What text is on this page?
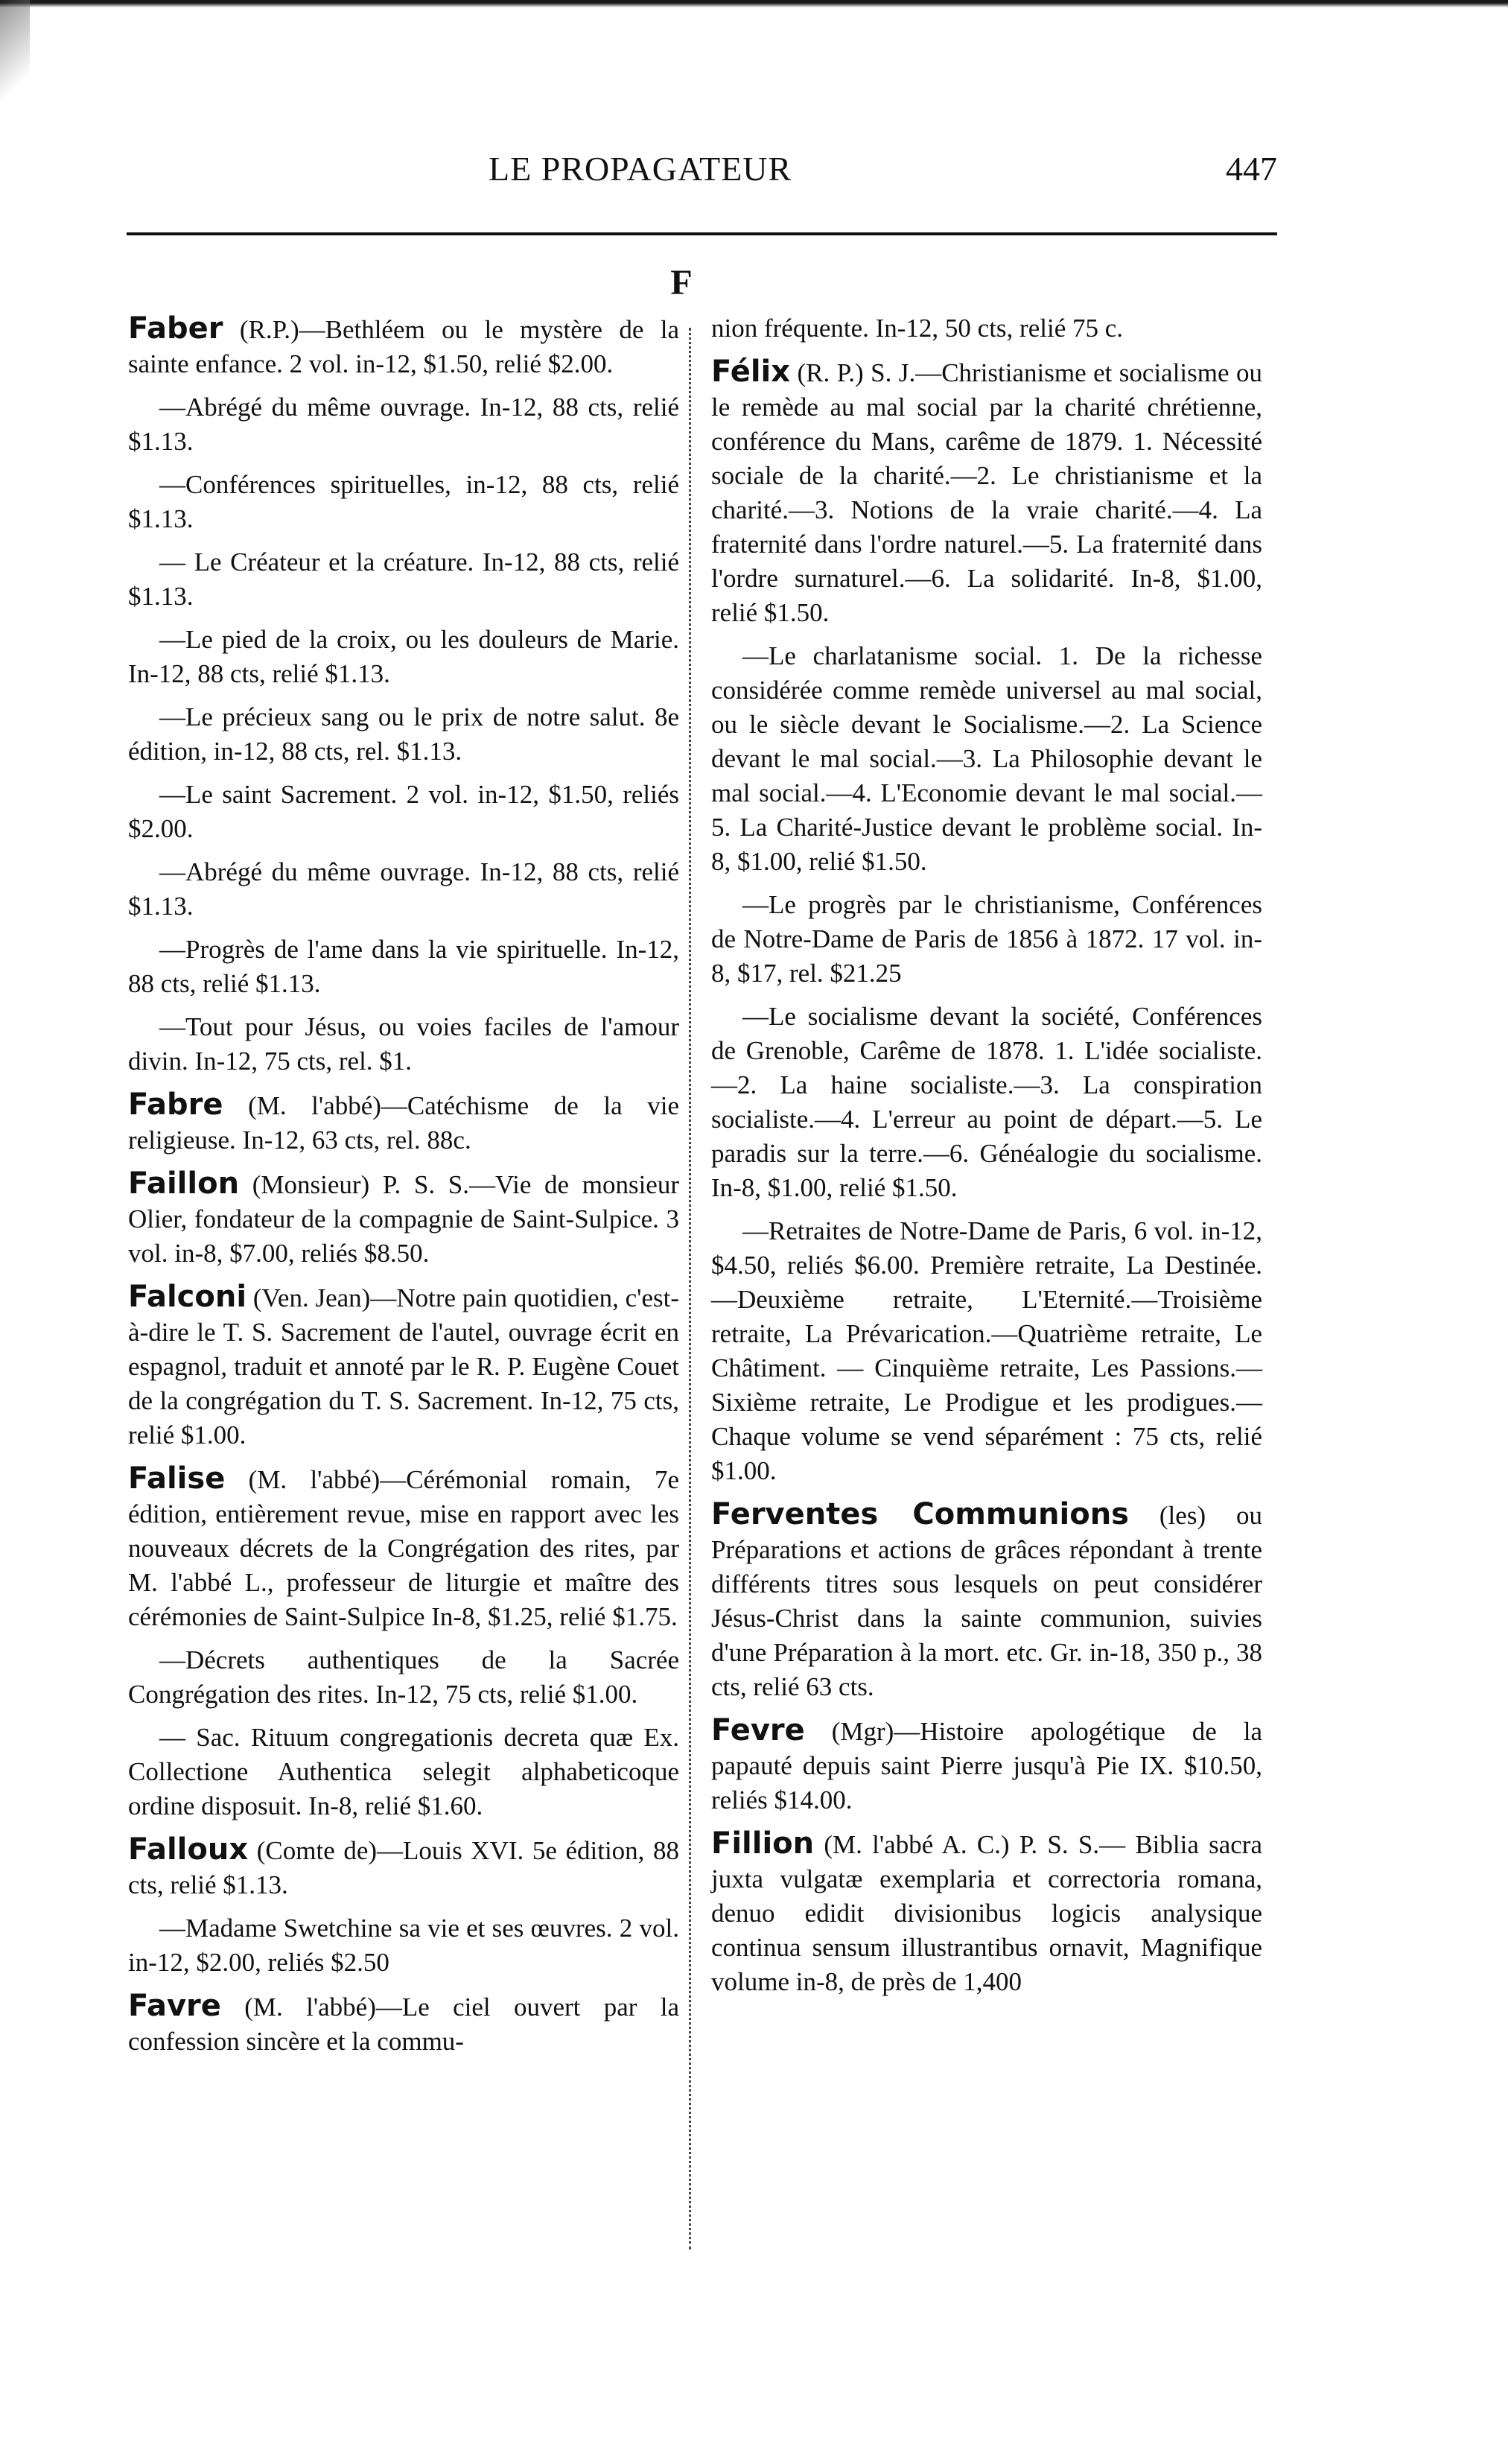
LE PROPAGATEUR	447
F

Faber (R.P.)—Bethléem ou le mystère de la sainte enfance. 2 vol. in-12, $1.50, relié $2.00.

—Abrégé du même ouvrage. In-12, 88 cts, relié $1.13.

—Conférences spirituelles, in-12, 88 cts, relié $1.13.

— Le Créateur et la créature. In-12, 88 cts, relié $1.13.

—Le pied de la croix, ou les douleurs de Marie. In-12, 88 cts, relié $1.13.

—Le précieux sang ou le prix de notre salut. 8e édition, in-12, 88 cts, rel. $1.13.

—Le saint Sacrement. 2 vol. in-12, $1.50, reliés $2.00.

—Abrégé du même ouvrage. In-12, 88 cts, relié $1.13.

—Progrès de l'ame dans la vie spirituelle. In-12, 88 cts, relié $1.13.

—Tout pour Jésus, ou voies faciles de l'amour divin. In-12, 75 cts, rel. $1.

Fabre (M. l'abbé)—Catéchisme de la vie religieuse. In-12, 63 cts, rel. 88c.

Faillon (Monsieur) P. S. S.—Vie de monsieur Olier, fondateur de la compagnie de Saint-Sulpice. 3 vol. in-8, $7.00, reliés $8.50.

Falconi (Ven. Jean)—Notre pain quotidien, c'est-à-dire le T. S. Sacrement de l'autel, ouvrage écrit en espagnol, traduit et annoté par le R. P. Eugène Couet de la congrégation du T. S. Sacrement. In-12, 75 cts, relié $1.00.

Falise (M. l'abbé)—Cérémonial romain, 7e édition, entièrement revue, mise en rapport avec les nouveaux décrets de la Congrégation des rites, par M. l'abbé L., professeur de liturgie et maître des cérémonies de Saint-Sulpice In-8, $1.25, relié $1.75.

—Décrets authentiques de la Sacrée Congrégation des rites. In-12, 75 cts, relié $1.00.

— Sac. Rituum congregationis decreta quæ Ex. Collectione Authentica selegit alphabeticoque ordine disposuit. In-8, relié $1.60.

Falloux (Comte de)—Louis XVI. 5e édition, 88 cts, relié $1.13.

—Madame Swetchine sa vie et ses œuvres. 2 vol. in-12, $2.00, reliés $2.50

Favre (M. l'abbé)—Le ciel ouvert par la confession sincère et la commu-

nion fréquente. In-12, 50 cts, relié 75 c.

Félix (R. P.) S. J.—Christianisme et socialisme ou le remède au mal social par la charité chrétienne, conférence du Mans, carême de 1879. 1. Nécessité sociale de la charité.—2. Le christianisme et la charité.—3. Notions de la vraie charité.—4. La fraternité dans l'ordre naturel.—5. La fraternité dans l'ordre surnaturel.—6. La solidarité. In-8, $1.00, relié $1.50.

—Le charlatanisme social. 1. De la richesse considérée comme remède universel au mal social, ou le siècle devant le Socialisme.—2. La Science devant le mal social.—3. La Philosophie devant le mal social.—4. L'Economie devant le mal social.—5. La Charité-Justice devant le problème social. In-8, $1.00, relié $1.50.

—Le progrès par le christianisme, Conférences de Notre-Dame de Paris de 1856 à 1872. 17 vol. in-8, $17, rel. $21.25

—Le socialisme devant la société, Conférences de Grenoble, Carême de 1878. 1. L'idée socialiste.—2. La haine socialiste.—3. La conspiration socialiste.—4. L'erreur au point de départ.—5. Le paradis sur la terre.—6. Généalogie du socialisme. In-8, $1.00, relié $1.50.

—Retraites de Notre-Dame de Paris, 6 vol. in-12, $4.50, reliés $6.00. Première retraite, La Destinée.—Deuxième retraite, L'Eternité.—Troisième retraite, La Prévarication.—Quatrième retraite, Le Châtiment. — Cinquième retraite, Les Passions.—Sixième retraite, Le Prodigue et les prodigues.— Chaque volume se vend séparément : 75 cts, relié $1.00.

Ferventes Communions (les) ou Préparations et actions de grâces répondant à trente différents titres sous lesquels on peut considérer Jésus-Christ dans la sainte communion, suivies d'une Préparation à la mort. etc. Gr. in-18, 350 p., 38 cts, relié 63 cts.

Fevre (Mgr)—Histoire apologétique de la papauté depuis saint Pierre jusqu'à Pie IX. $10.50, reliés $14.00.

Fillion (M. l'abbé A. C.) P. S. S.— Biblia sacra juxta vulgatæ exemplaria et correctoria romana, denuo edidit divisionibus logicis analysique continua sensum illustrantibus ornavit, Magnifique volume in-8, de près de 1,400
